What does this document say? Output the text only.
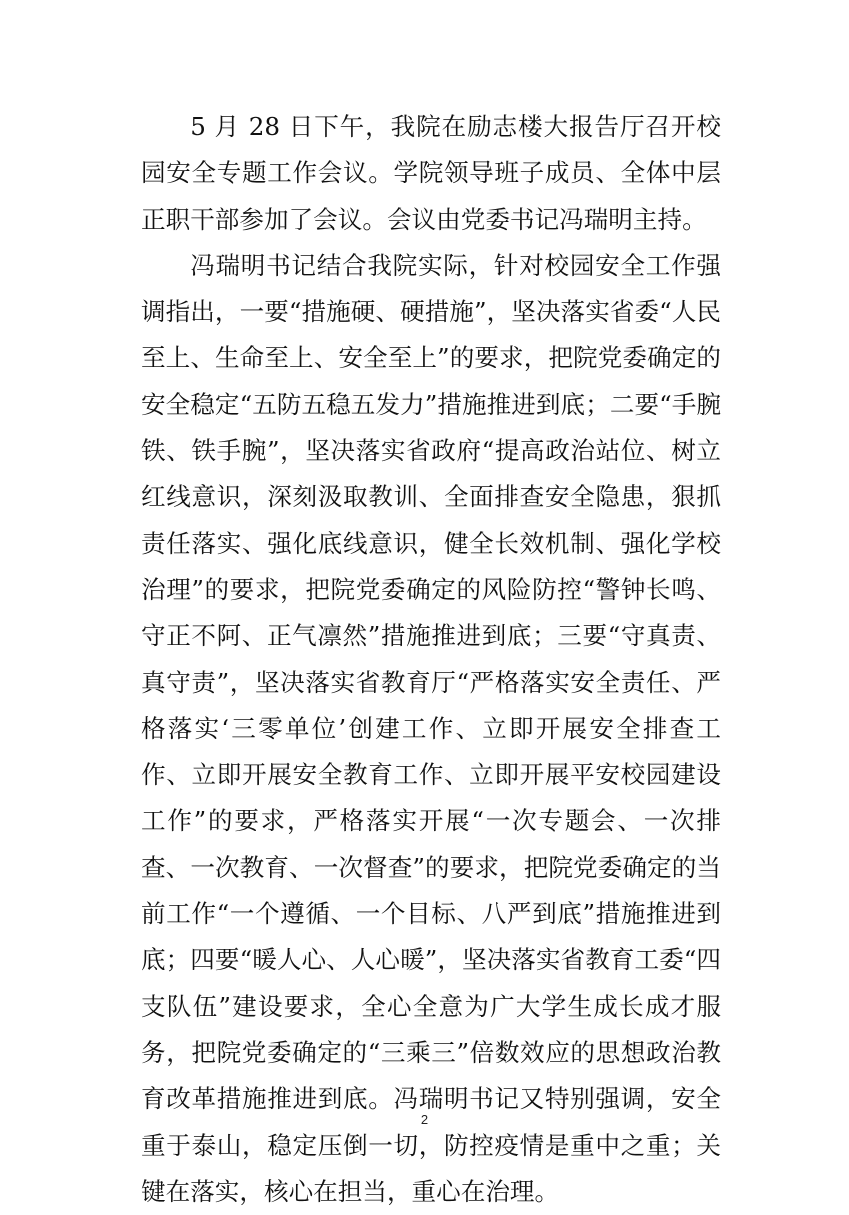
5 月 28 日下午，我院在励志楼大报告厅召开校园安全专题工作会议。学院领导班子成员、全体中层正职干部参加了会议。会议由党委书记冯瑞明主持。

冯瑞明书记结合我院实际，针对校园安全工作强调指出，一要“措施硬、硬措施”，坚决落实省委“人民至上、生命至上、安全至上”的要求，把院党委确定的安全稳定“五防五稳五发力”措施推进到底；二要“手腕铁、铁手腕”，坚决落实省政府“提高政治站位、树立红线意识，深刻汲取教训、全面排查安全隐患，狠抓责任落实、强化底线意识，健全长效机制、强化学校治理”的要求，把院党委确定的风险防控“警钟长鸣、守正不阿、正气凛然”措施推进到底；三要“守真责、真守责”，坚决落实省教育厅“严格落实安全责任、严格落实‘三零单位’创建工作、立即开展安全排查工作、立即开展安全教育工作、立即开展平安校园建设工作”的要求，严格落实开展“一次专题会、一次排查、一次教育、一次督查”的要求，把院党委确定的当前工作“一个遵循、一个目标、八严到底”措施推进到底；四要“暖人心、人心暖”，坚决落实省教育工委“四支队伍”建设要求，全心全意为广大学生成长成才服务，把院党委确定的“三乘三”倍数效应的思想政治教育改革措施推进到底。冯瑞明书记又特别强调，安全重于泰山，稳定压倒一切，防控疫情是重中之重；关键在落实，核心在担当，重心在治理。

2
